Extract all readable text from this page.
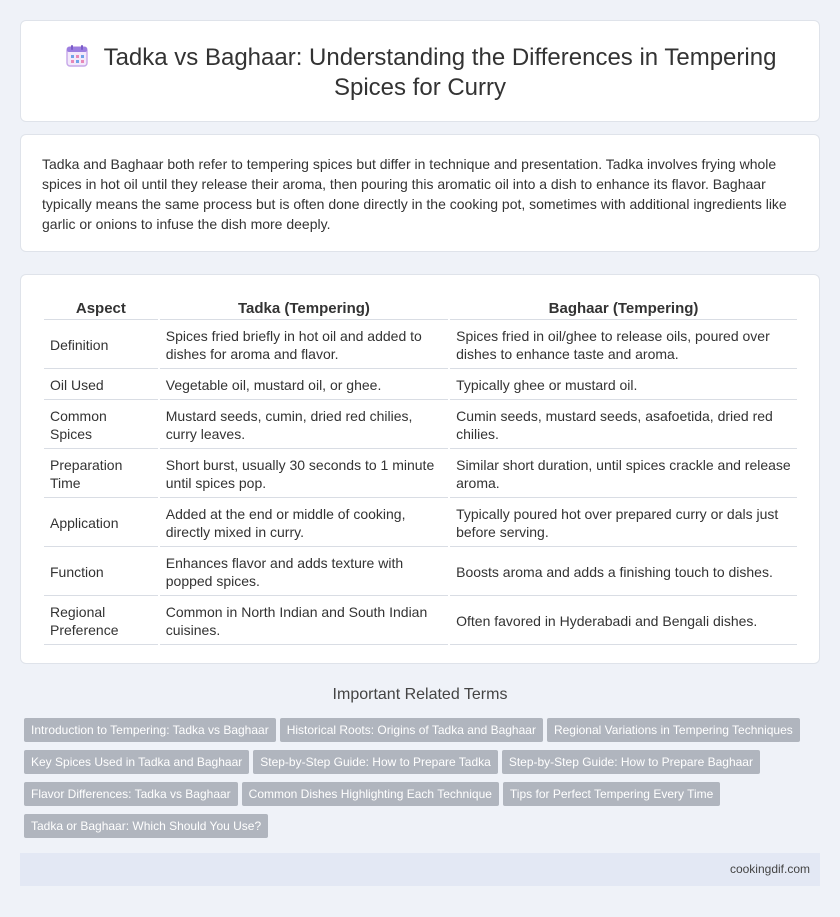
Tadka vs Baghaar: Understanding the Differences in Tempering Spices for Curry

Tadka and Baghaar both refer to tempering spices but differ in technique and presentation. Tadka involves frying whole spices in hot oil until they release their aroma, then pouring this aromatic oil into a dish to enhance its flavor. Baghaar typically means the same process but is often done directly in the cooking pot, sometimes with additional ingredients like garlic or onions to infuse the dish more deeply.

Aspect	Tadka (Tempering)	Baghaar (Tempering)
Definition	Spices fried briefly in hot oil and added to dishes for aroma and flavor.	Spices fried in oil/ghee to release oils, poured over dishes to enhance taste and aroma.
Oil Used	Vegetable oil, mustard oil, or ghee.	Typically ghee or mustard oil.
Common Spices	Mustard seeds, cumin, dried red chilies, curry leaves.	Cumin seeds, mustard seeds, asafoetida, dried red chilies.
Preparation Time	Short burst, usually 30 seconds to 1 minute until spices pop.	Similar short duration, until spices crackle and release aroma.
Application	Added at the end or middle of cooking, directly mixed in curry.	Typically poured hot over prepared curry or dals just before serving.
Function	Enhances flavor and adds texture with popped spices.	Boosts aroma and adds a finishing touch to dishes.
Regional Preference	Common in North Indian and South Indian cuisines.	Often favored in Hyderabadi and Bengali dishes.
Important Related Terms
Introduction to Tempering: Tadka vs Baghaar Historical Roots: Origins of Tadka and Baghaar Regional Variations in Tempering TechniquesKey Spices Used in Tadka and Baghaar Step-by-Step Guide: How to Prepare Tadka Step-by-Step Guide: How to Prepare BaghaarFlavor Differences: Tadka vs Baghaar Common Dishes Highlighting Each Technique Tips for Perfect Tempering Every TimeTadka or Baghaar: Which Should You Use?
cookingdif.com
